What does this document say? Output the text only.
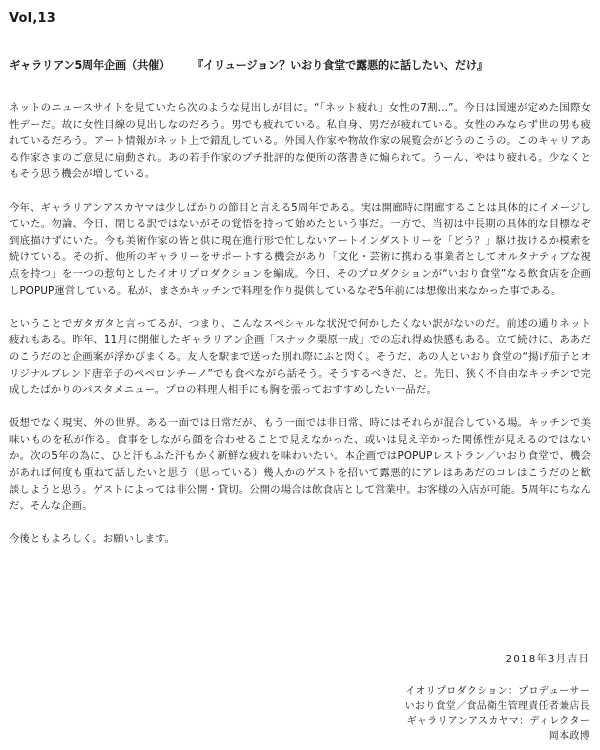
Vol,13
ギャラリアン5周年企画（共催） 『イリュージョン？いおり食堂で露悪的に話したい、だけ』

ネットのニュースサイトを見ていたら次のような見出しが目に。“「ネット疲れ」女性の7割…”。今日は国連が定めた国際女性デーだ。故に女性目線の見出しなのだろう。男でも疲れている。私自身、男だが疲れている。女性のみならず世の男も疲れているだろう。アート情報がネット上で錯乱している。外国人作家や物故作家の展覧会がどうのこうの。このキャリアある作家さまのご意見に扇動され。あの若手作家のプチ批評的な便所の落書きに煽られて。うーん、やはり疲れる。少なくともそう思う機会が増している。

今年、ギャラリアンアスカヤマは少しばかりの節目と言える5周年である。実は開廊時に閉廊することは具体的にイメージしていた。勿論、今日、閉じる訳ではないがその覚悟を持って始めたという事だ。一方で、当初は中長期の具体的な目標なぞ到底描けずにいた。今も美術作家の皆と供に現在進行形で忙しないアートインダストリーを「どう？」駆け抜けるか模索を続けている。その折、他所のギャラリーをサポートする機会があり「文化・芸術に携わる事業者としてオルタナティブな視点を持つ」を一つの惹句としたイオリプロダクションを編成。今日、そのプロダクションが“いおり食堂”なる飲食店を企画しPOPUP運営している。私が、まさかキッチンで料理を作り提供しているなぞ5年前には想像出来なかった事である。

ということでガタガタと言ってるが、つまり、こんなスペシャルな状況で何かしたくない訳がないのだ。前述の通りネット疲れもある。昨年、11月に開催したギャラリアン企画「スナック栗原一成」での忘れ得ぬ快感もある。立て続けに、ああだのこうだのと企画案が浮かびまくる。友人を駅まで送った別れ際にふと閃く。そうだ、あの人といおり食堂の“揚げ茄子とオリジナルブレンド唐辛子のペペロンチーノ”でも食べながら話そう。そうするべきだ、と。先日、狭く不自由なキッチンで完成したばかりのパスタメニュー。プロの料理人相手にも胸を張っておすすめしたい一品だ。

仮想でなく現実、外の世界。ある一面では日常だが、もう一面では非日常、時にはそれらが混合している場。キッチンで美味いものを私が作る。食事をしながら顔を合わせることで見えなかった、或いは見え辛かった関係性が見えるのではないか。次の5年の為に、ひと汗もふた汗もかく新鮮な疲れを味わいたい。本企画ではPOPUPレストラン／いおり食堂で、機会があれば何度も重ねて話したいと思う（思っている）幾人かのゲストを招いて露悪的にアレはああだのコレはこうだのと歓談しようと思う。ゲストによっては非公開・貸切。公開の場合は飲食店として営業中。お客様の入店が可能。5周年にちなんだ、そんな企画。

今後ともよろしく。お願いします。

2018年3月吉日
イオリプロダクション：プロデューサー
いおり食堂／食品衛生管理責任者兼店長
ギャラリアンアスカヤマ：ディレクター
岡本政博
